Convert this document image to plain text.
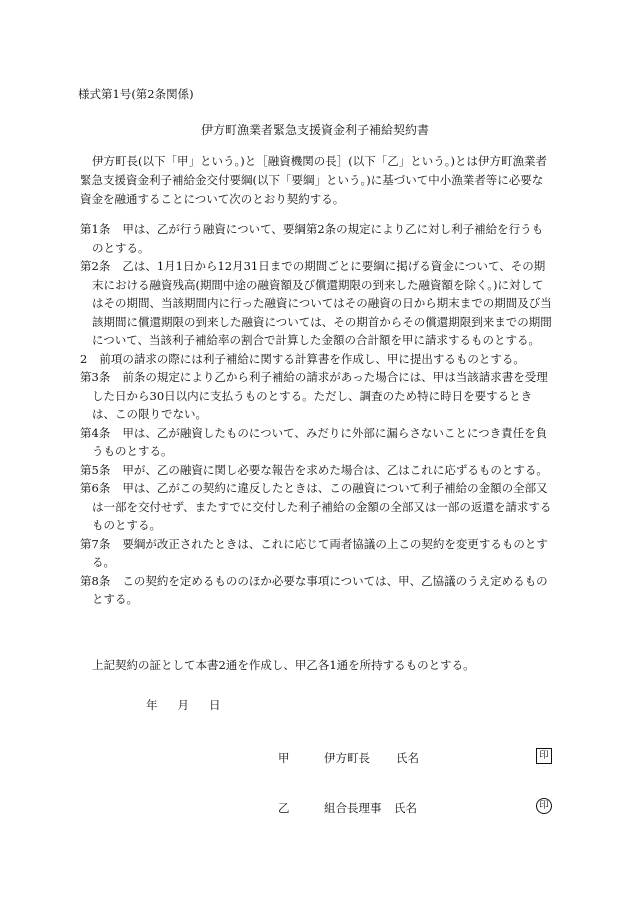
様式第1号(第2条関係)
伊方町漁業者緊急支援資金利子補給契約書
伊方町長(以下「甲」という。)と［融資機関の長］(以下「乙」という。)とは伊方町漁業者緊急支援資金利子補給金交付要綱(以下「要綱」という。)に基づいて中小漁業者等に必要な資金を融通することについて次のとおり契約する。
第1条 甲は、乙が行う融資について、要綱第2条の規定により乙に対し利子補給を行うものとする。
第2条 乙は、1月1日から12月31日までの期間ごとに要綱に掲げる資金について、その期末における融資残高(期間中途の融資額及び償還期限の到来した融資額を除く。)に対してはその期間、当該期間内に行った融資についてはその融資の日から期末までの期間及び当該期間に償還期限の到来した融資については、その期首からその償還期限到来までの期間について、当該利子補給率の割合で計算した金額の合計額を甲に請求するものとする。
2 前項の請求の際には利子補給に関する計算書を作成し、甲に提出するものとする。
第3条 前条の規定により乙から利子補給の請求があった場合には、甲は当該請求書を受理した日から30日以内に支払うものとする。ただし、調査のため特に時日を要するときは、この限りでない。
第4条 甲は、乙が融資したものについて、みだりに外部に漏らさないことにつき責任を負うものとする。
第5条 甲が、乙の融資に関し必要な報告を求めた場合は、乙はこれに応ずるものとする。
第6条 甲は、乙がこの契約に違反したときは、この融資について利子補給の金額の全部又は一部を交付せず、またすでに交付した利子補給の金額の全部又は一部の返還を請求するものとする。
第7条 要綱が改正されたときは、これに応じて両者協議の上この契約を変更するものとする。
第8条 この契約を定めるもののほか必要な事項については、甲、乙協議のうえ定めるものとする。
上記契約の証として本書2通を作成し、甲乙各1通を所持するものとする。
年 月 日
甲	伊方町長 氏名	印
乙	組合長理事 氏名	印
